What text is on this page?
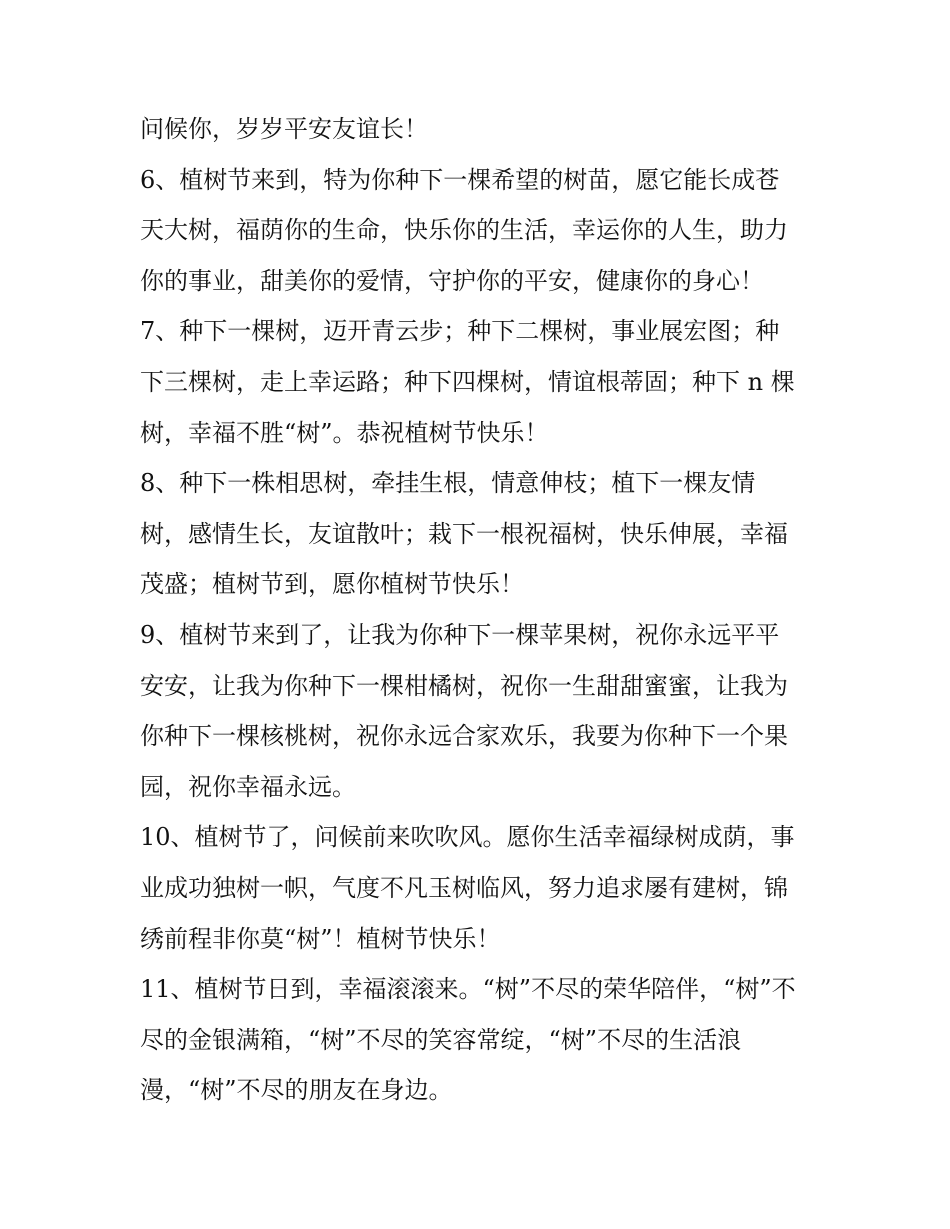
问候你，岁岁平安友谊长！
6、植树节来到，特为你种下一棵希望的树苗，愿它能长成苍
天大树，福荫你的生命，快乐你的生活，幸运你的人生，助力
你的事业，甜美你的爱情，守护你的平安，健康你的身心！
7、种下一棵树，迈开青云步；种下二棵树，事业展宏图；种
下三棵树，走上幸运路；种下四棵树，情谊根蒂固；种下 n 棵
树，幸福不胜“树”。恭祝植树节快乐！
8、种下一株相思树，牵挂生根，情意伸枝；植下一棵友情
树，感情生长，友谊散叶；栽下一根祝福树，快乐伸展，幸福
茂盛；植树节到，愿你植树节快乐！
9、植树节来到了，让我为你种下一棵苹果树，祝你永远平平
安安，让我为你种下一棵柑橘树，祝你一生甜甜蜜蜜，让我为
你种下一棵核桃树，祝你永远合家欢乐，我要为你种下一个果
园，祝你幸福永远。
10、植树节了，问候前来吹吹风。愿你生活幸福绿树成荫，事
业成功独树一帜，气度不凡玉树临风，努力追求屡有建树，锦
绣前程非你莫“树”！植树节快乐！
11、植树节日到，幸福滚滚来。“树”不尽的荣华陪伴，“树”不
尽的金银满箱，“树”不尽的笑容常绽，“树”不尽的生活浪
漫，“树”不尽的朋友在身边。
